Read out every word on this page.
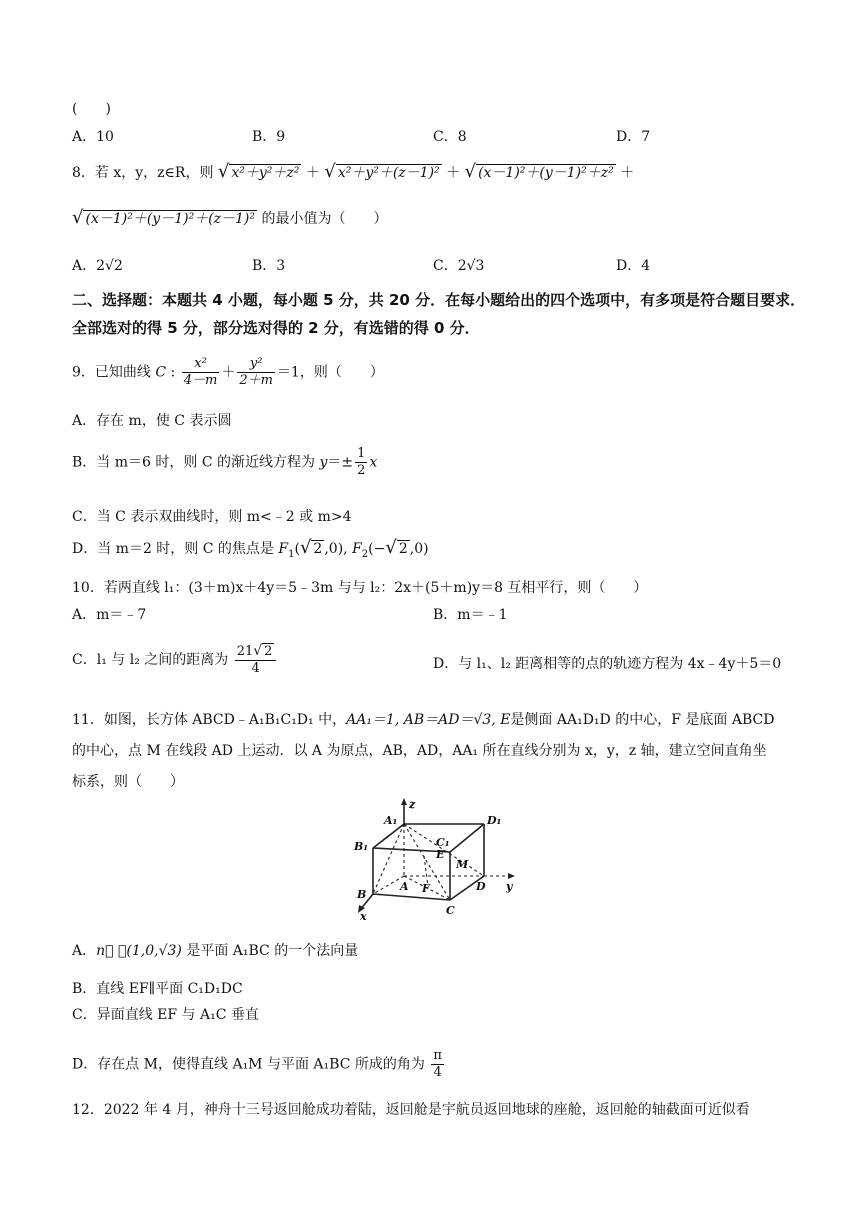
(　　)
A．10	B．9	C．8	D．7
8．若 x，y，z∈R，则 √ x²＋y²＋z² ＋ √ x²＋y²＋(z－1)² ＋ √ (x－1)²＋(y－1)²＋z² ＋
√ (x－1)²＋(y－1)²＋(z－1)² 的最小值为（　　）
A．2√2	B．3	C．2√3	D．4
二、选择题：本题共 4 小题，每小题 5 分，共 20 分．在每小题给出的四个选项中，有多项是符合题目要求．全部选对的得 5 分，部分选对得的 2 分，有选错的得 0 分．
9．已知曲线 C : $\frac{\text{x²}}{4-m} + \frac{\text{y²}}{2+m} =1$，则（　　）
A．存在 m，使 C 表示圆
B．当 m＝6 时，则 C 的渐近线方程为 $y=\pm \frac{1}{2}$ x
C．当 C 表示双曲线时，则 m<﹣2 或 m>4
D．当 m＝2 时，则 C 的焦点是 $F_1(√$ 2 ,0), $F_2(-√$ 2 ,0)
10．若两直线 l₁：(3＋m)x＋4y＝5﹣3m 与与 l₂：2x＋(5＋m)y＝8 互相平行，则（　　）
A．m＝﹣7	B．m＝﹣1
C．l₁ 与 l₂ 之间的距离为 $\frac{21√ 2}{4}$	D．与 l₁、l₂ 距离相等的点的轨迹方程为 4x﹣4y＋5＝0
11．如图，长方体 ABCD﹣A₁B₁C₁D₁ 中，AA₁＝1, AB＝AD＝√3, E是侧面 AA₁D₁D 的中心，F 是底面 ABCD
的中心，点 M 在线段 AD 上运动．以 A 为原点，AB，AD，AA₁ 所在直线分别为 x，y，z 轴，建立空间直角坐
标系，则（　　）
z
A₁	D₁
C₁
B₁
E
M
A F	D y
B
C
x
A．n⃗ ＝(1,0,√3) 是平面 A₁BC 的一个法向量
B．直线 EF∥平面 C₁D₁DC
C．异面直线 EF 与 A₁C 垂直
D．存在点 M，使得直线 A₁M 与平面 A₁BC 所成的角为 $\frac{\pi}{4}$
12．2022 年 4 月，神舟十三号返回舱成功着陆，返回舱是宇航员返回地球的座舱，返回舱的轴截面可近似看
